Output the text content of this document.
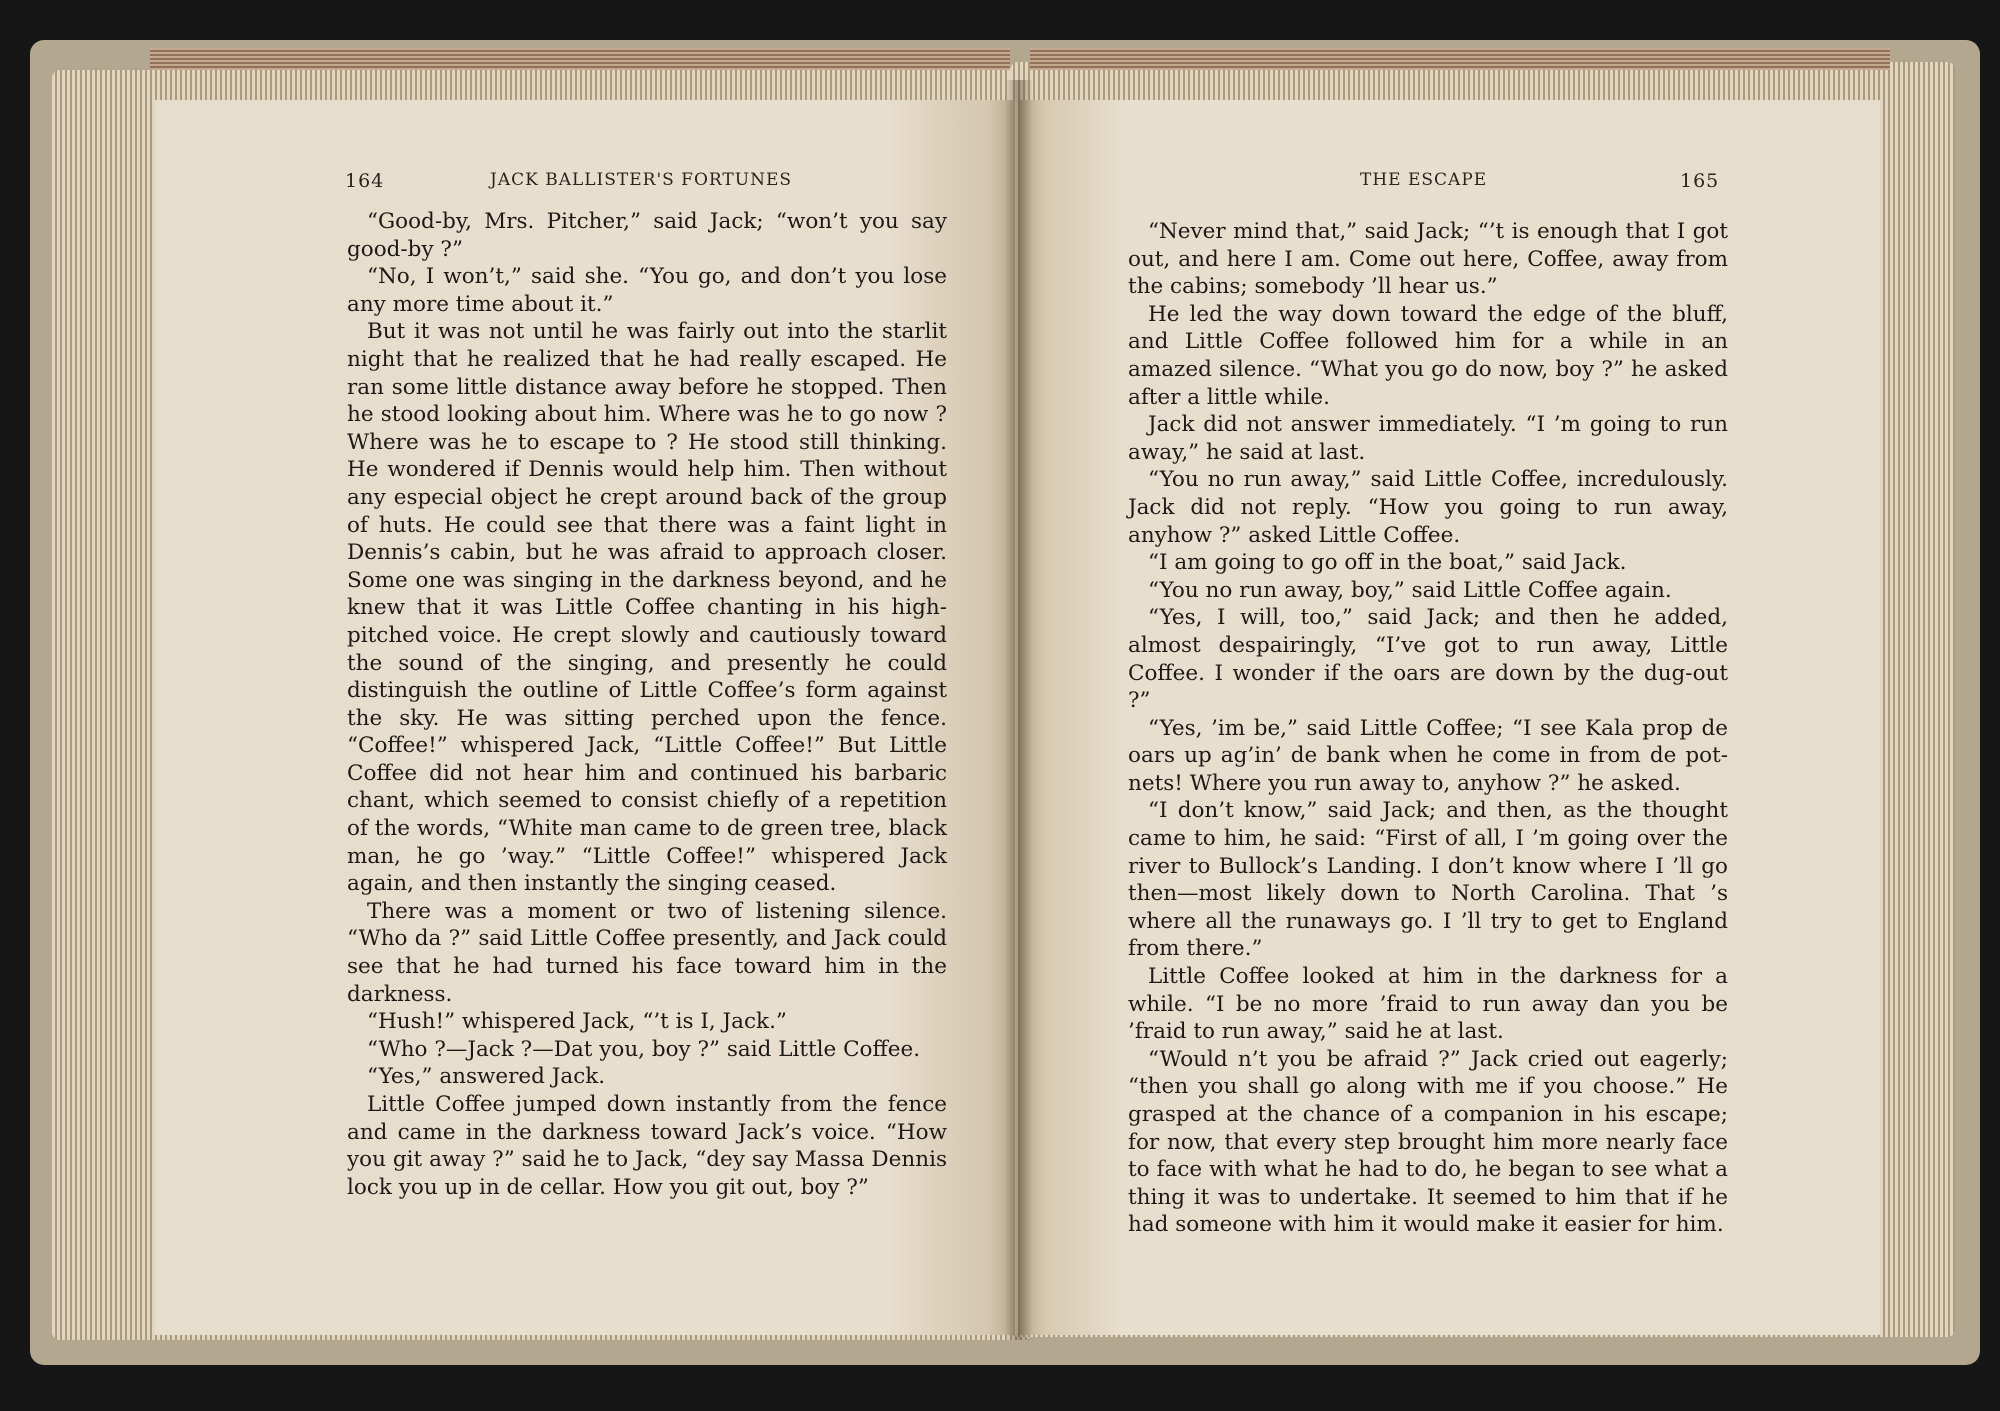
164	JACK BALLISTER'S FORTUNES

“Good-by, Mrs. Pitcher,” said Jack; “won’t you say good-by ?”

“No, I won’t,” said she. “You go, and don’t you lose any more time about it.”

But it was not until he was fairly out into the starlit night that he realized that he had really escaped. He ran some little distance away before he stopped. Then he stood looking about him. Where was he to go now ? Where was he to escape to ? He stood still thinking. He wondered if Dennis would help him. Then without any especial object he crept around back of the group of huts. He could see that there was a faint light in Dennis’s cabin, but he was afraid to approach closer. Some one was singing in the darkness beyond, and he knew that it was Little Coffee chanting in his high-pitched voice. He crept slowly and cautiously toward the sound of the singing, and presently he could distinguish the outline of Little Coffee’s form against the sky. He was sitting perched upon the fence. “Coffee!” whispered Jack, “Little Coffee!” But Little Coffee did not hear him and continued his barbaric chant, which seemed to consist chiefly of a repetition of the words, “White man came to de green tree, black man, he go ’way.” “Little Coffee!” whispered Jack again, and then instantly the singing ceased.

There was a moment or two of listening silence. “Who da ?” said Little Coffee presently, and Jack could see that he had turned his face toward him in the darkness.

“Hush!” whispered Jack, “’t is I, Jack.”

“Who ?—Jack ?—Dat you, boy ?” said Little Coffee.

“Yes,” answered Jack.

Little Coffee jumped down instantly from the fence and came in the darkness toward Jack’s voice. “How you git away ?” said he to Jack, “dey say Massa Dennis lock you up in de cellar. How you git out, boy ?”

THE ESCAPE	165

“Never mind that,” said Jack; “’t is enough that I got out, and here I am. Come out here, Coffee, away from the cabins; somebody ’ll hear us.”

He led the way down toward the edge of the bluff, and Little Coffee followed him for a while in an amazed silence. “What you go do now, boy ?” he asked after a little while.

Jack did not answer immediately. “I ’m going to run away,” he said at last.

“You no run away,” said Little Coffee, incredulously. Jack did not reply. “How you going to run away, anyhow ?” asked Little Coffee.

“I am going to go off in the boat,” said Jack.

“You no run away, boy,” said Little Coffee again.

“Yes, I will, too,” said Jack; and then he added, almost despairingly, “I’ve got to run away, Little Coffee. I wonder if the oars are down by the dug-out ?”

“Yes, ’im be,” said Little Coffee; “I see Kala prop de oars up ag’in’ de bank when he come in from de pot-nets! Where you run away to, anyhow ?” he asked.

“I don’t know,” said Jack; and then, as the thought came to him, he said: “First of all, I ’m going over the river to Bullock’s Landing. I don’t know where I ’ll go then—most likely down to North Carolina. That ’s where all the runaways go. I ’ll try to get to England from there.”

Little Coffee looked at him in the darkness for a while. “I be no more ’fraid to run away dan you be ’fraid to run away,” said he at last.

“Would n’t you be afraid ?” Jack cried out eagerly; “then you shall go along with me if you choose.” He grasped at the chance of a companion in his escape; for now, that every step brought him more nearly face to face with what he had to do, he began to see what a thing it was to undertake. It seemed to him that if he had someone with him it would make it easier for him.
